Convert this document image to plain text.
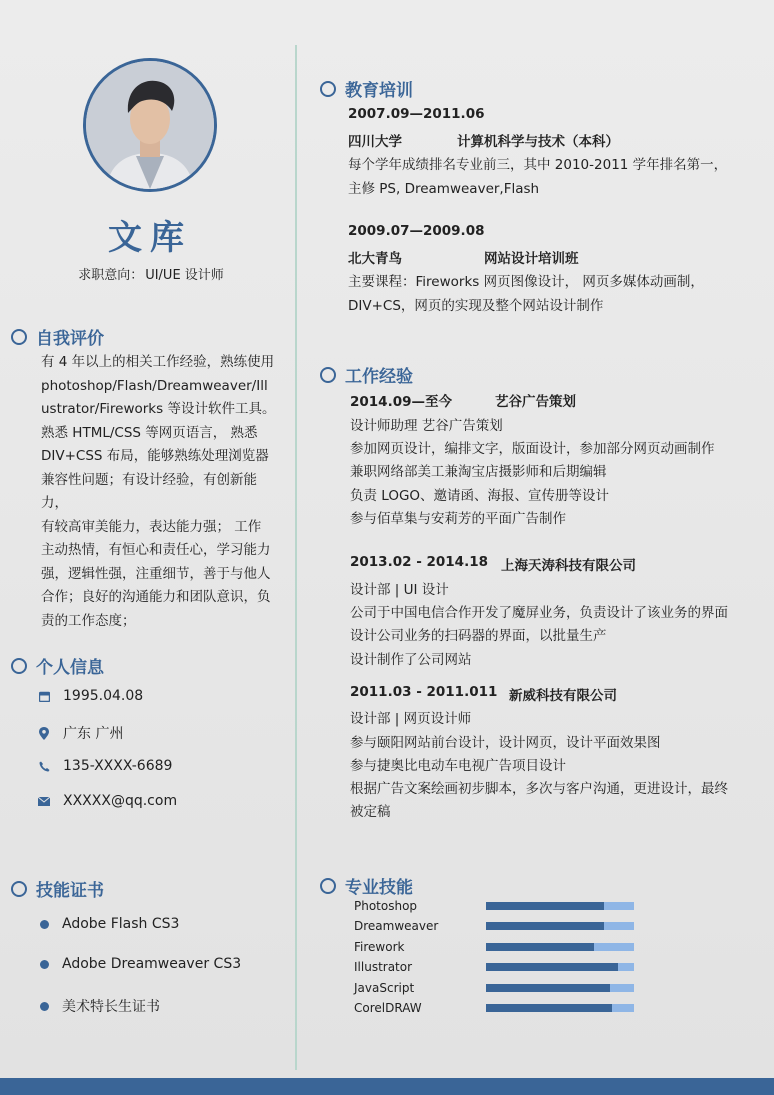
文库
求职意向： UI/UE 设计师
自我评价
有 4 年以上的相关工作经验，熟练使用
photoshop/Flash/Dreamweaver/Ill
ustrator/Fireworks 等设计软件工具。
熟悉 HTML/CSS 等网页语言， 熟悉
DIV+CSS 布局，能够熟练处理浏览器
兼容性问题；有设计经验，有创新能力，
有较高审美能力，表达能力强； 工作
主动热情，有恒心和责任心，学习能力
强，逻辑性强，注重细节，善于与他人
合作；良好的沟通能力和团队意识，负
责的工作态度；
个人信息
1995.04.08
广东 广州
135-XXXX-6689
XXXXX@qq.com
技能证书
Adobe Flash CS3
Adobe Dreamweaver CS3
美术特长生证书
教育培训
2007.09—2011.06
四川大学	计算机科学与技术（本科）
每个学年成绩排名专业前三，其中 2010-2011 学年排名第一，
主修 PS, Dreamweaver,Flash
2009.07—2009.08
北大青鸟	网站设计培训班
主要课程：Fireworks 网页图像设计， 网页多媒体动画制，
DIV+CS，网页的实现及整个网站设计制作
工作经验
2014.09—至今	艺谷广告策划
设计师助理 艺谷广告策划
参加网页设计，编排文字，版面设计，参加部分网页动画制作
兼职网络部美工兼淘宝店摄影师和后期编辑
负责 LOGO、邀请函、海报、宣传册等设计
参与佰草集与安莉芳的平面广告制作
2013.02 - 2014.18 上海天涛科技有限公司
设计部 | UI 设计
公司于中国电信合作开发了魔屏业务，负责设计了该业务的界面
设计公司业务的扫码器的界面，以批量生产
设计制作了公司网站
2011.03 - 2011.011 新威科技有限公司
设计部 | 网页设计师
参与颐阳网站前台设计，设计网页，设计平面效果图
参与捷奥比电动车电视广告项目设计
根据广告文案绘画初步脚本，多次与客户沟通，更进设计，最终
被定稿
专业技能
Photoshop
Dreamweaver
Firework
Illustrator
JavaScript
CorelDRAW
